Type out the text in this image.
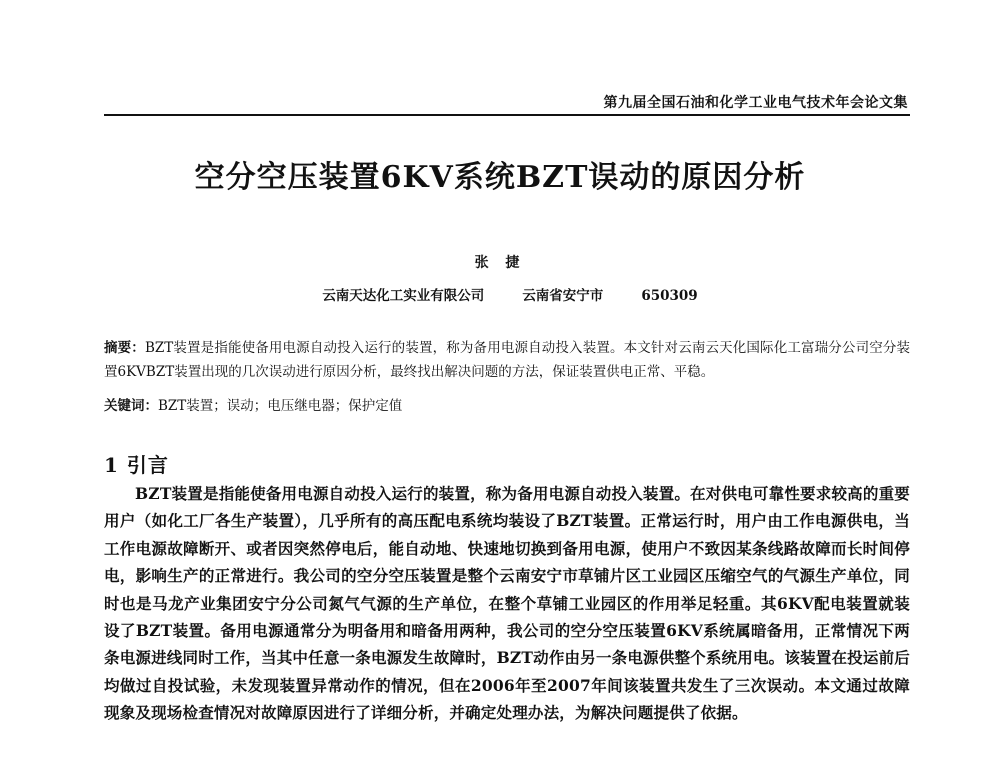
第九届全国石油和化学工业电气技术年会论文集
空分空压装置6KV系统BZT误动的原因分析
张 捷
云南天达化工实业有限公司	云南省安宁市	650309
摘要：BZT装置是指能使备用电源自动投入运行的装置，称为备用电源自动投入装置。本文针对云南云天化国际化工富瑞分公司空分装置6KVBZT装置出现的几次误动进行原因分析，最终找出解决问题的方法，保证装置供电正常、平稳。
关键词：BZT装置；误动；电压继电器；保护定值
1 引言

BZT装置是指能使备用电源自动投入运行的装置，称为备用电源自动投入装置。在对供电可靠性要求较高的重要用户（如化工厂各生产装置），几乎所有的高压配电系统均装设了BZT装置。正常运行时，用户由工作电源供电，当工作电源故障断开、或者因突然停电后，能自动地、快速地切换到备用电源，使用户不致因某条线路故障而长时间停电，影响生产的正常进行。我公司的空分空压装置是整个云南安宁市草铺片区工业园区压缩空气的气源生产单位，同时也是马龙产业集团安宁分公司氮气气源的生产单位，在整个草铺工业园区的作用举足轻重。其6KV配电装置就装设了BZT装置。备用电源通常分为明备用和暗备用两种，我公司的空分空压装置6KV系统属暗备用，正常情况下两条电源进线同时工作，当其中任意一条电源发生故障时，BZT动作由另一条电源供整个系统用电。该装置在投运前后均做过自投试验，未发现装置异常动作的情况，但在2006年至2007年间该装置共发生了三次误动。本文通过故障现象及现场检查情况对故障原因进行了详细分析，并确定处理办法，为解决问题提供了依据。
